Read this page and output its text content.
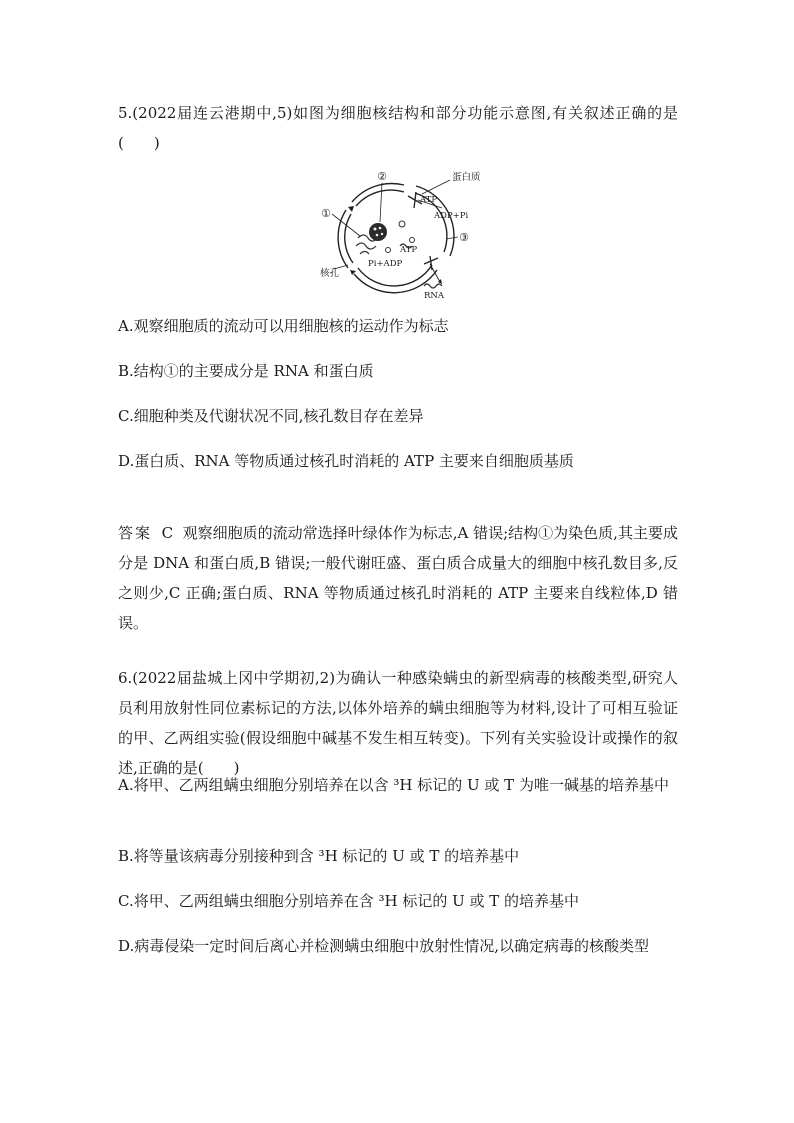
5.(2022届连云港期中,5)如图为细胞核结构和部分功能示意图,有关叙述正确的是(　　)

②
①
③
蛋白质
ATP
ADP+Pi
ATP
Pi+ADP
核孔
RNA

A.观察细胞质的流动可以用细胞核的运动作为标志

B.结构①的主要成分是 RNA 和蛋白质

C.细胞种类及代谢状况不同,核孔数目存在差异

D.蛋白质、RNA 等物质通过核孔时消耗的 ATP 主要来自细胞质基质

答案 C 观察细胞质的流动常选择叶绿体作为标志,A 错误;结构①为染色质,其主要成分是 DNA 和蛋白质,B 错误;一般代谢旺盛、蛋白质合成量大的细胞中核孔数目多,反之则少,C 正确;蛋白质、RNA 等物质通过核孔时消耗的 ATP 主要来自线粒体,D 错误。

6.(2022届盐城上冈中学期初,2)为确认一种感染螨虫的新型病毒的核酸类型,研究人员利用放射性同位素标记的方法,以体外培养的螨虫细胞等为材料,设计了可相互验证的甲、乙两组实验(假设细胞中碱基不发生相互转变)。下列有关实验设计或操作的叙述,正确的是(　　)

A.将甲、乙两组螨虫细胞分别培养在以含 ³H 标记的 U 或 T 为唯一碱基的培养基中

B.将等量该病毒分别接种到含 ³H 标记的 U 或 T 的培养基中

C.将甲、乙两组螨虫细胞分别培养在含 ³H 标记的 U 或 T 的培养基中

D.病毒侵染一定时间后离心并检测螨虫细胞中放射性情况,以确定病毒的核酸类型
